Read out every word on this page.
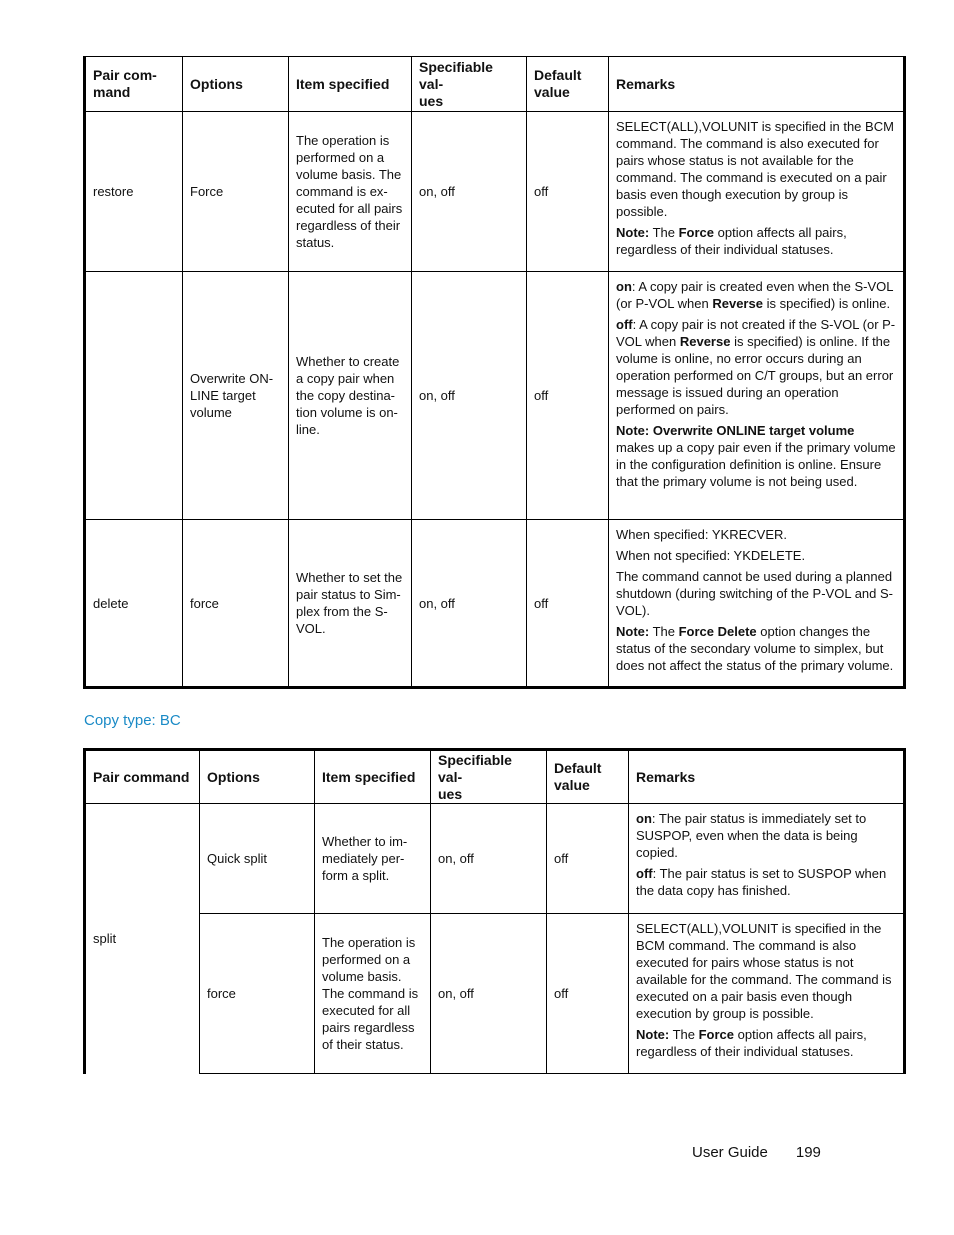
Pair com-
mand	Options	Item specified	Specifiable val-
ues	Default
value	Remarks
restore	Force	The operation is performed on a volume basis. The command is ex-ecuted for all pairs regardless of their status.	on, off	off	SELECT(ALL),VOLUNIT is specified in the BCM command. The command is also executed for pairs whose status is not available for the command. The command is executed on a pair basis even though execution by group is possible.

Note: The Force option affects all pairs, regardless of their individual statuses.

	Overwrite ON-LINE target volume	Whether to create a copy pair when the copy destina-tion volume is on-line.	on, off	off	on: A copy pair is created even when the S-VOL (or P-VOL when Reverse is specified) is online.

off: A copy pair is not created if the S-VOL (or P-VOL when Reverse is specified) is online. If the volume is online, no error occurs during an operation performed on C/T groups, but an error message is issued during an operation performed on pairs.

Note: Overwrite ONLINE target volume makes up a copy pair even if the primary volume in the configuration definition is online. Ensure that the primary volume is not being used.

delete	force	Whether to set the pair status to Sim-plex from the S-VOL.	on, off	off	When specified: YKRECVER.

When not specified: YKDELETE.

The command cannot be used during a planned shutdown (during switching of the P-VOL and S-VOL).

Note: The Force Delete option changes the status of the secondary volume to simplex, but does not affect the status of the primary volume.

Copy type: BC
Pair command	Options	Item specified	Specifiable val-
ues	Default
value	Remarks
split	Quick split	Whether to im-mediately per-form a split.	on, off	off	on: The pair status is immediately set to SUSPOP, even when the data is being copied.

off: The pair status is set to SUSPOP when the data copy has finished.

	force	The operation is performed on a volume basis. The command is executed for all pairs regardless of their status.	on, off	off	SELECT(ALL),VOLUNIT is specified in the BCM command. The command is also executed for pairs whose status is not available for the command. The command is executed on a pair basis even though execution by group is possible.

Note: The Force option affects all pairs, regardless of their individual statuses.

User Guide 199
